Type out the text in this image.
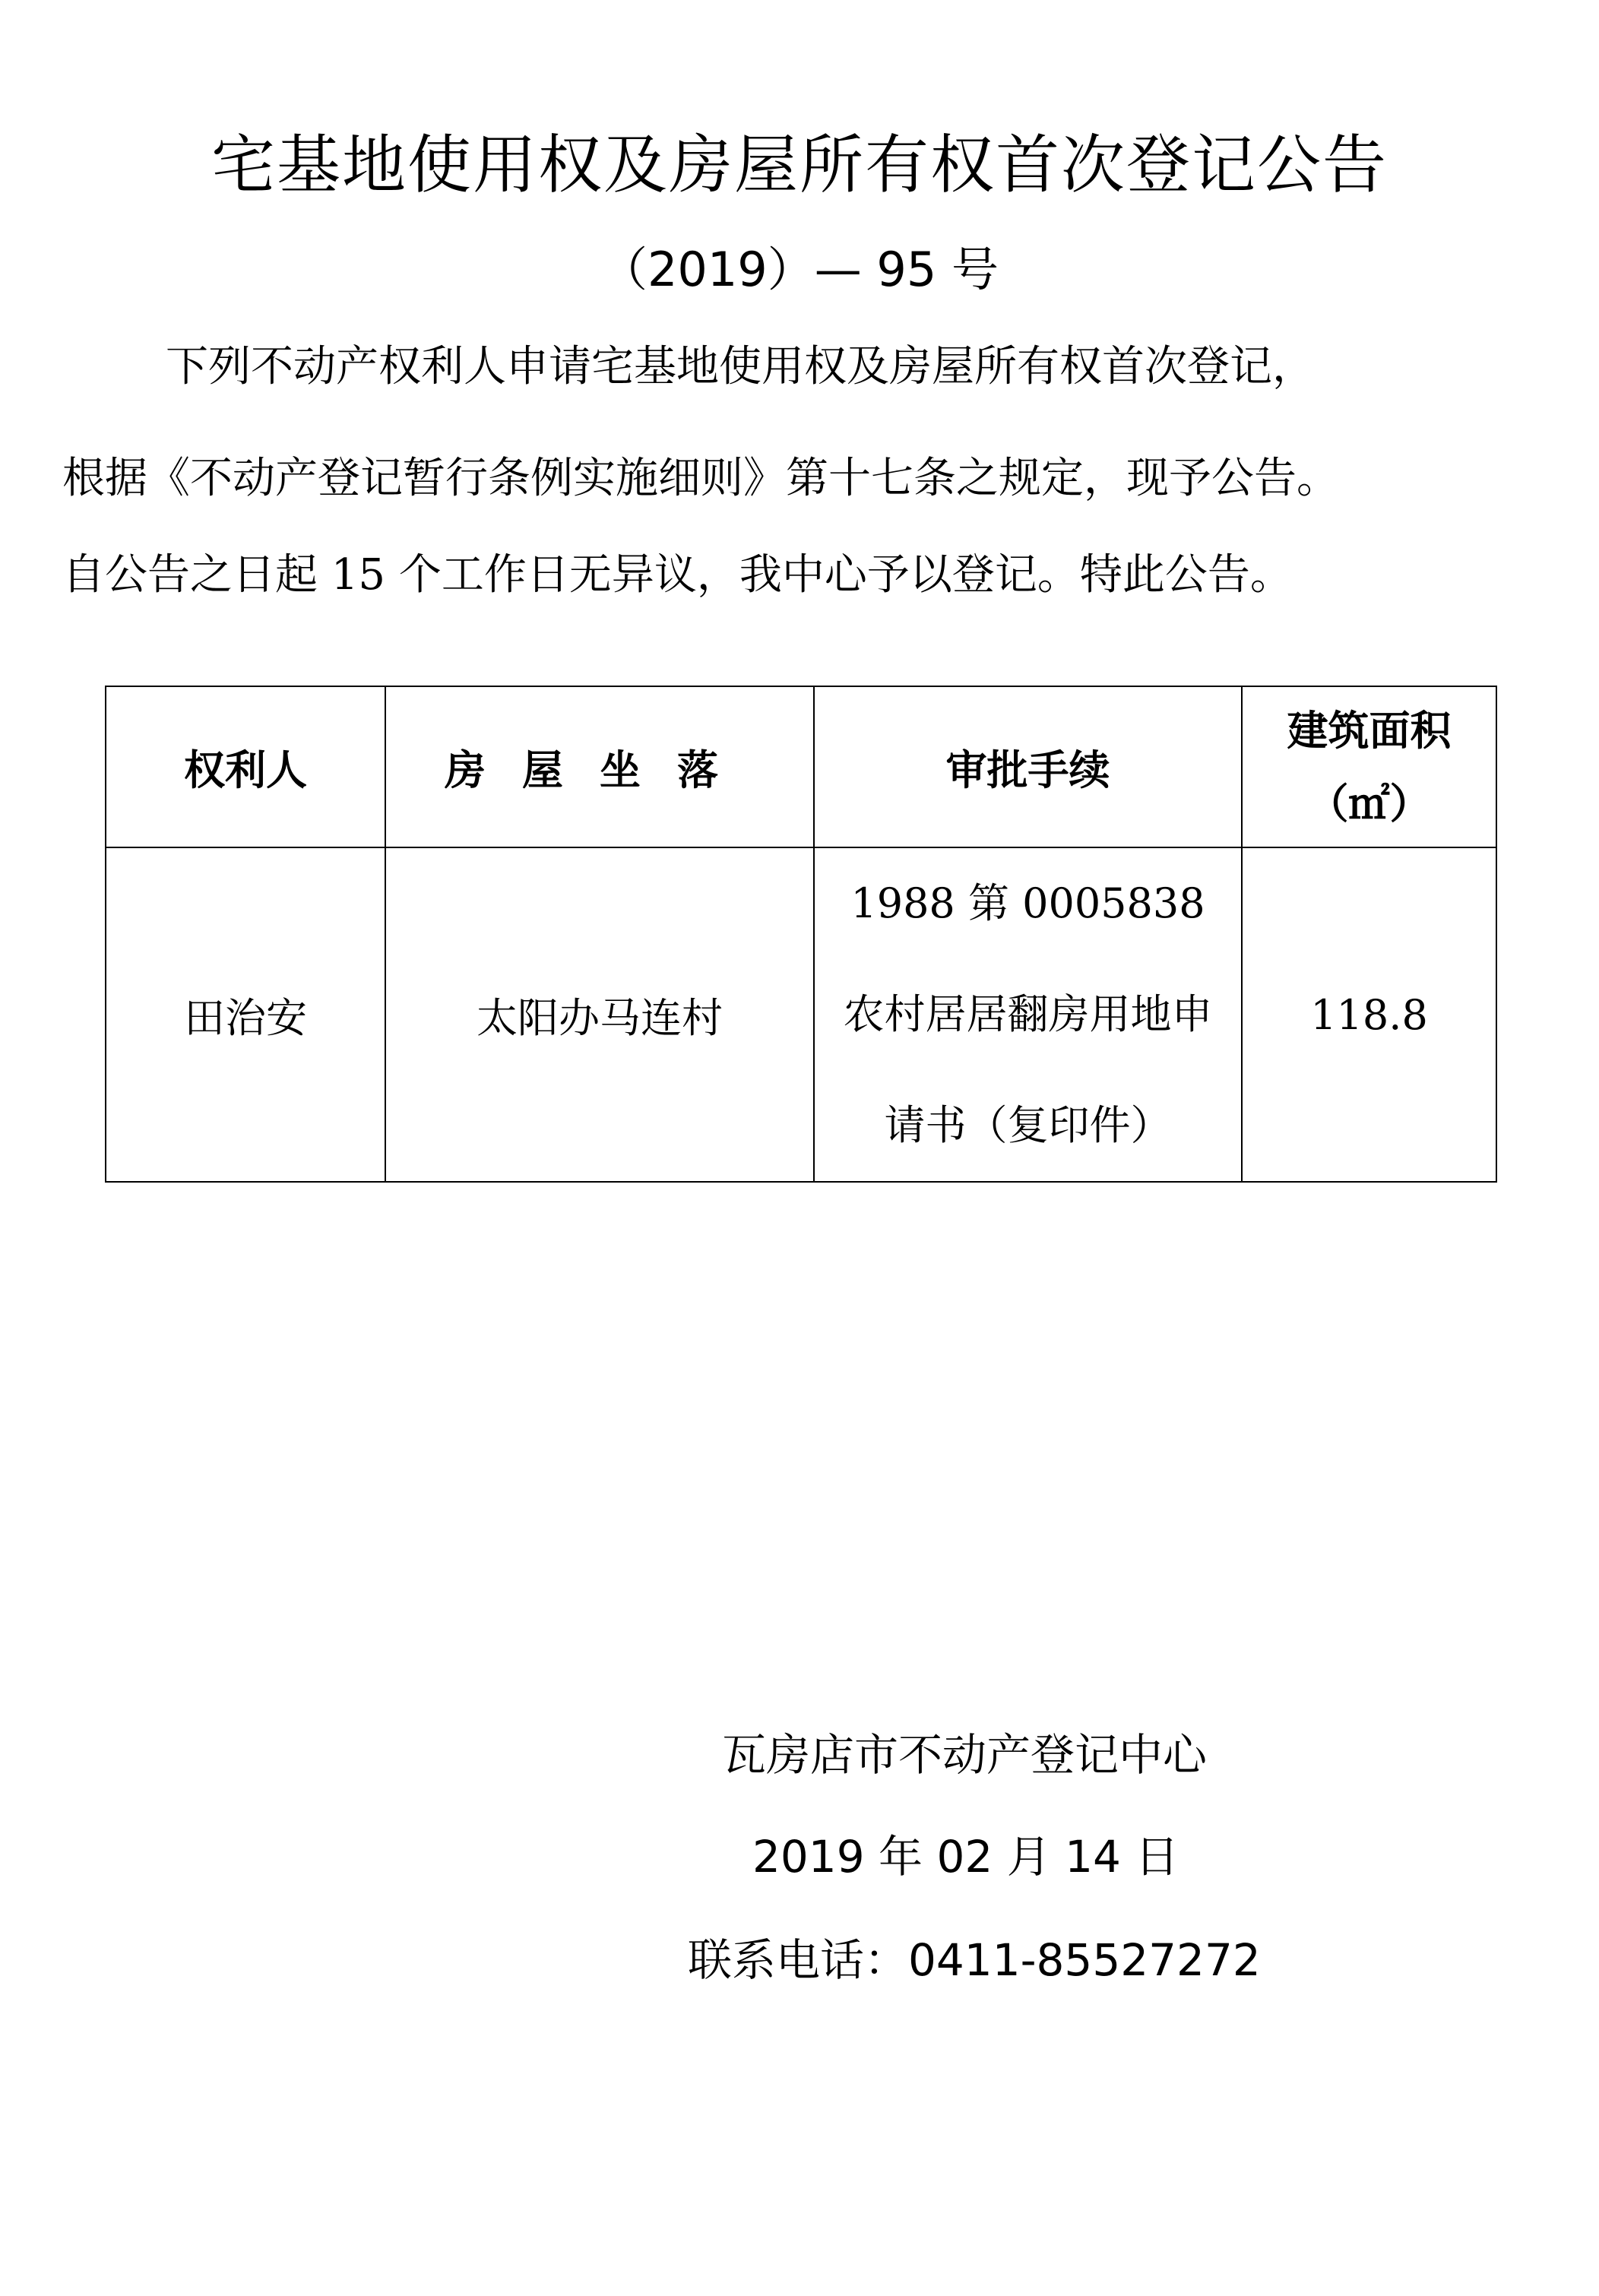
宅基地使用权及房屋所有权首次登记公告
（2019）— 95 号
下列不动产权利人申请宅基地使用权及房屋所有权首次登记，
根据《不动产登记暂行条例实施细则》第十七条之规定，现予公告。
自公告之日起 15 个工作日无异议，我中心予以登记。特此公告。
权利人	房屋坐落	审批手续	建筑面积
（㎡）

田治安	太阳办马连村	1988 第 0005838 农村居居翻房用地申请书（复印件）	118.8
瓦房店市不动产登记中心
2019 年 02 月 14 日
联系电话：0411-85527272
